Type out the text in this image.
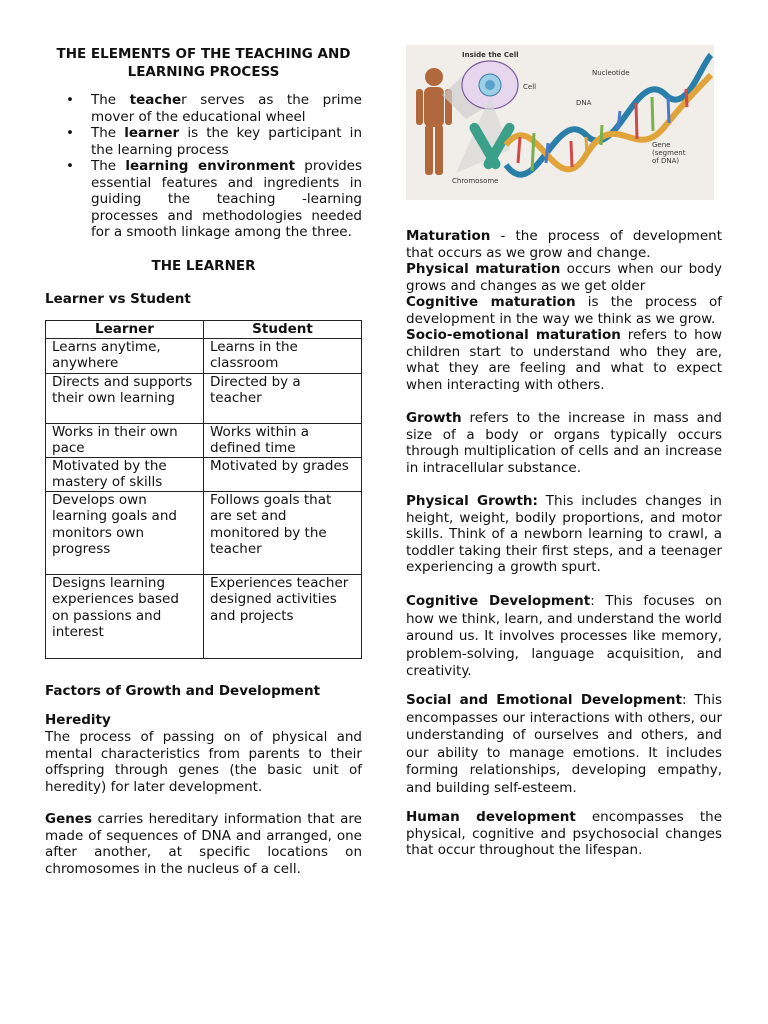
THE ELEMENTS OF THE TEACHING AND
LEARNING PROCESS
• The teacher serves as the prime mover of the educational wheel
• The learner is the key participant in the learning process
• The learning environment provides essential features and ingredients in guiding the teaching -learning processes and methodologies needed for a smooth linkage among the three.
THE LEARNER
Learner vs Student
Learner	Student
Learns anytime, anywhere	Learns in the classroom
Directs and supports their own learning	Directed by a teacher
Works in their own pace	Works within a defined time
Motivated by the mastery of skills	Motivated by grades
Develops own learning goals and monitors own progress	Follows goals that are set and monitored by the teacher
Designs learning experiences based on passions and interest	Experiences teacher designed activities and projects
Factors of Growth and Development
Heredity
The process of passing on of physical and mental characteristics from parents to their offspring through genes (the basic unit of heredity) for later development.
Genes carries hereditary information that are made of sequences of DNA and arranged, one after another, at specific locations on chromosomes in the nucleus of a cell.
Inside the Cell
Cell
Chromosome
Nucleotide
DNA
Gene
(segment
of DNA)
Maturation - the process of development that occurs as we grow and change.
Physical maturation occurs when our body grows and changes as we get older
Cognitive maturation is the process of development in the way we think as we grow.
Socio-emotional maturation refers to how children start to understand who they are, what they are feeling and what to expect when interacting with others.
Growth refers to the increase in mass and size of a body or organs typically occurs through multiplication of cells and an increase in intracellular substance.
Physical Growth: This includes changes in height, weight, bodily proportions, and motor skills. Think of a newborn learning to crawl, a toddler taking their first steps, and a teenager experiencing a growth spurt.
Cognitive Development: This focuses on how we think, learn, and understand the world around us. It involves processes like memory, problem-solving, language acquisition, and creativity.
Social and Emotional Development: This encompasses our interactions with others, our understanding of ourselves and others, and our ability to manage emotions. It includes forming relationships, developing empathy, and building self-esteem.
Human development encompasses the physical, cognitive and psychosocial changes that occur throughout the lifespan.
